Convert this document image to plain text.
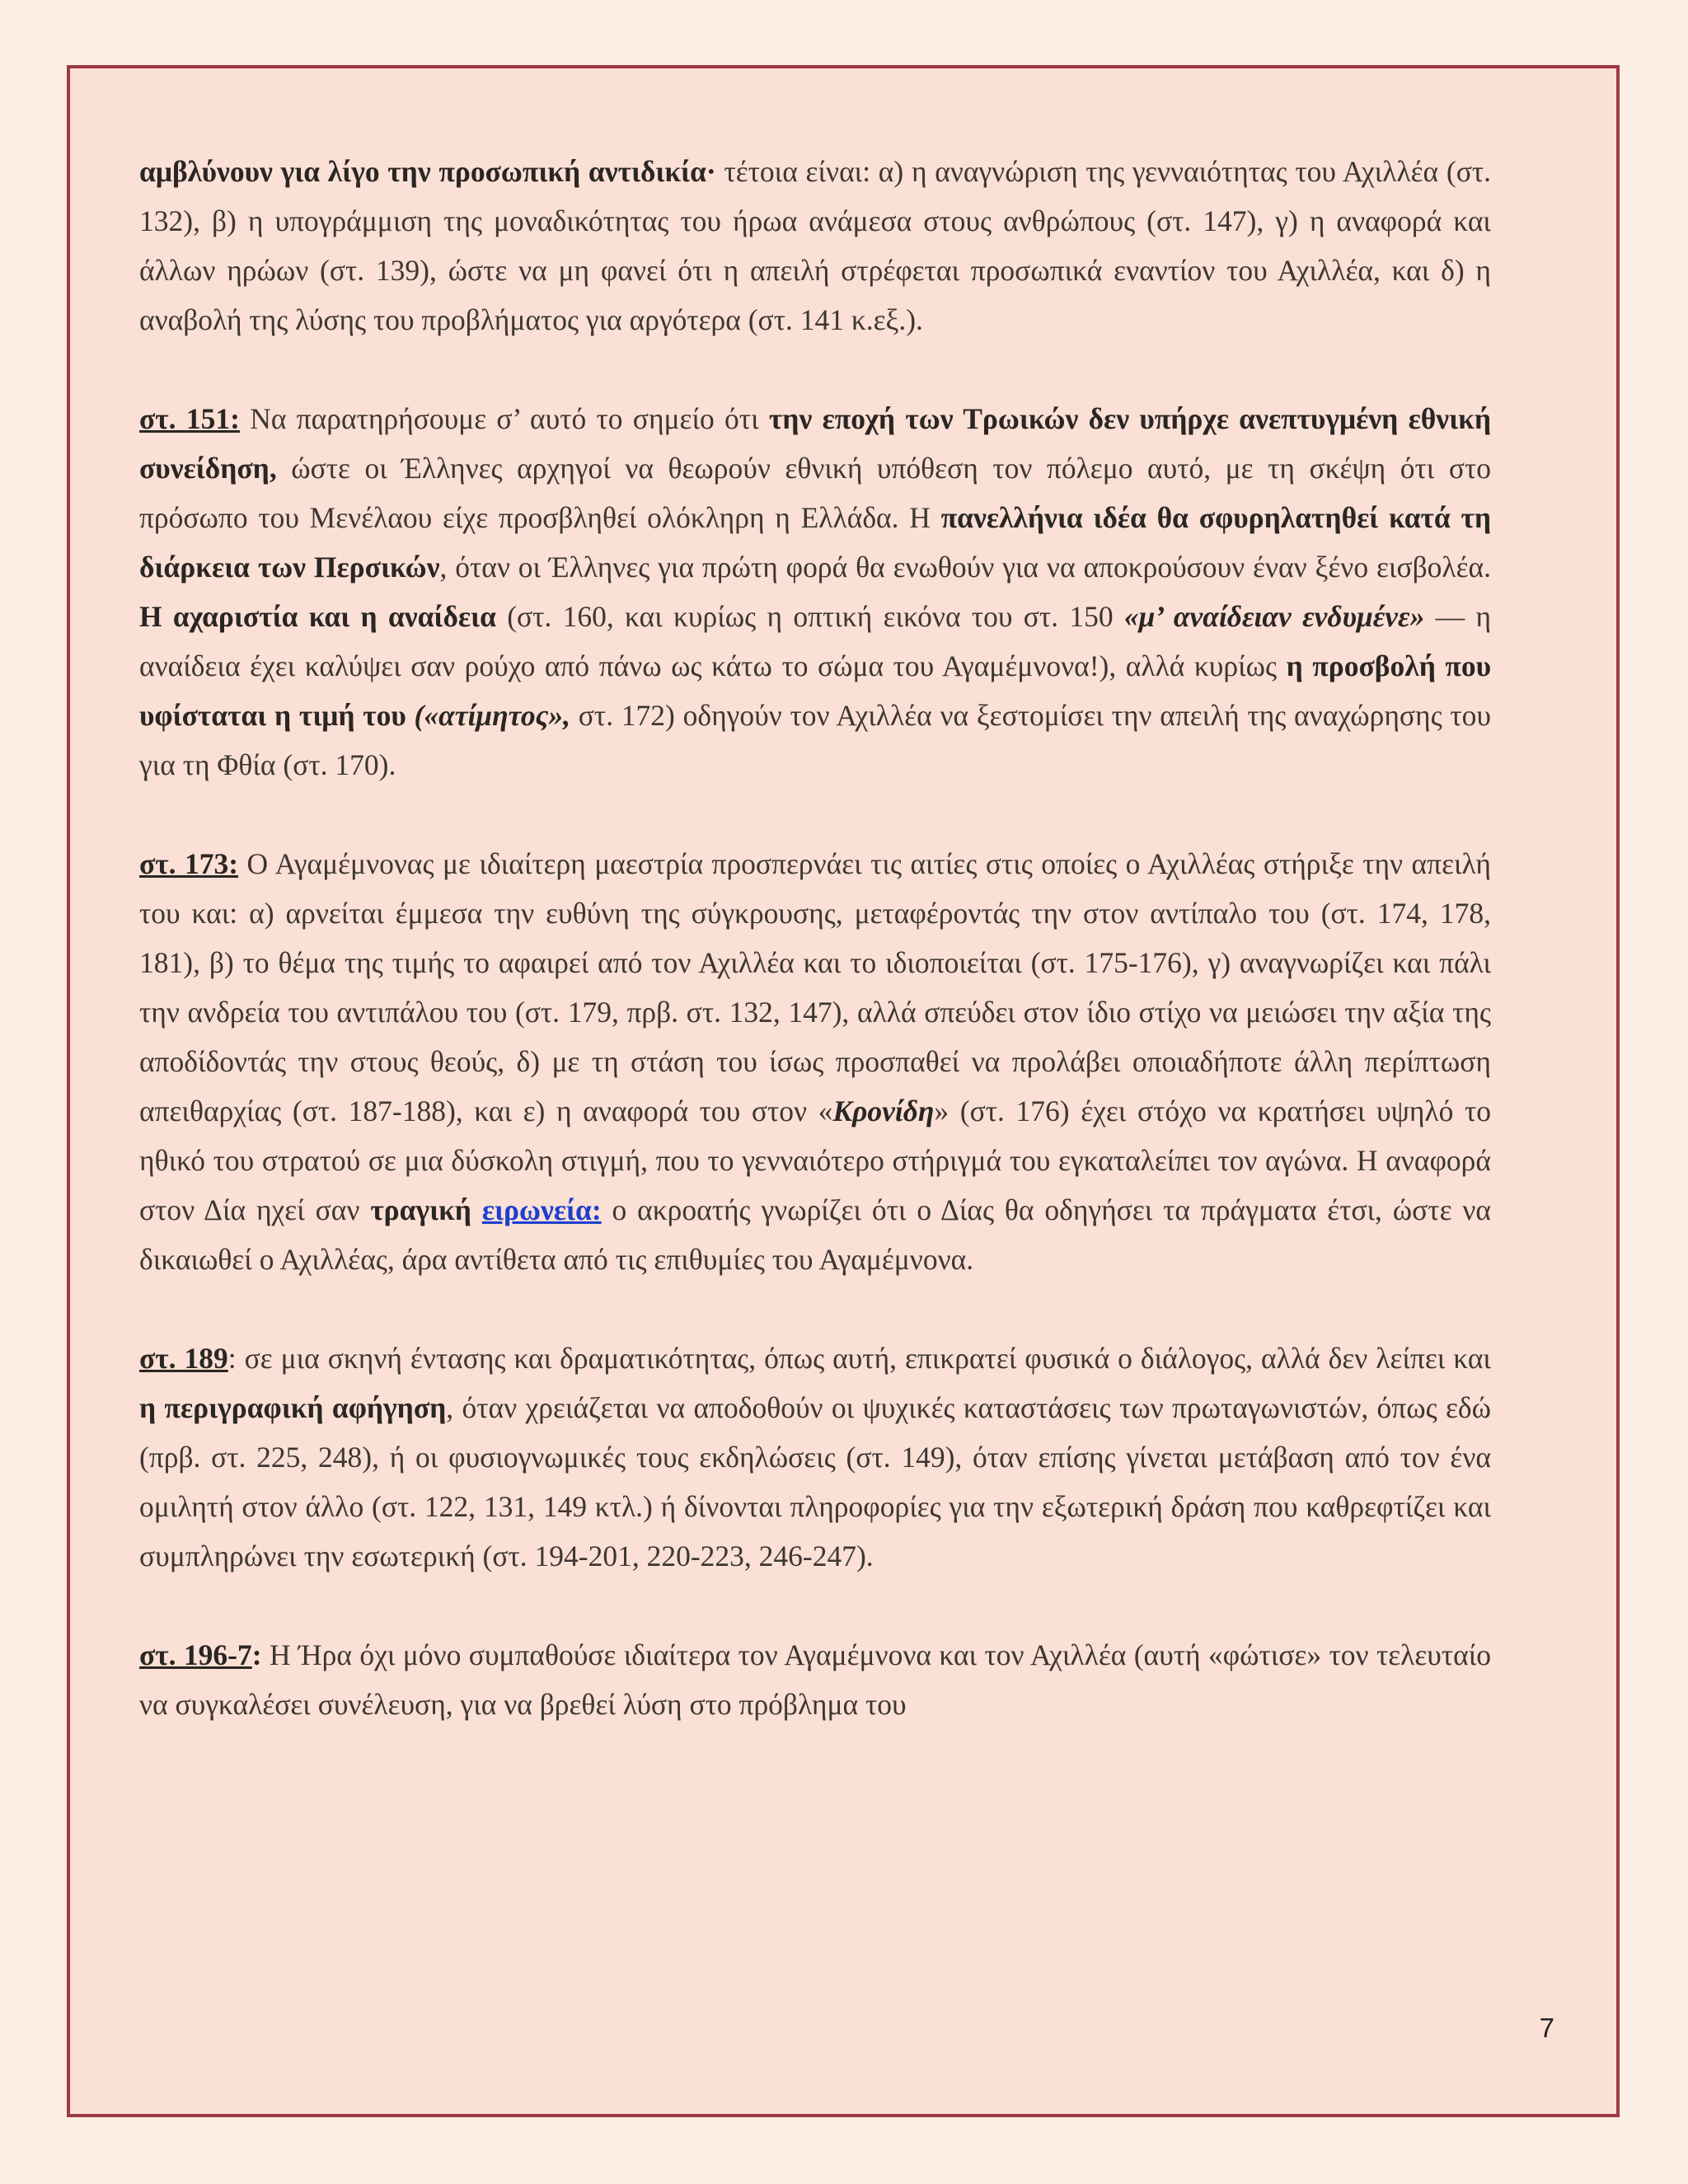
αμβλύνουν για λίγο την προσωπική αντιδικία· τέτοια είναι: α) η αναγνώριση της γενναιότητας του Αχιλλέα (στ. 132), β) η υπογράμμιση της μοναδικότητας του ήρωα ανάμεσα στους ανθρώπους (στ. 147), γ) η αναφορά και άλλων ηρώων (στ. 139), ώστε να μη φανεί ότι η απειλή στρέφεται προσωπικά εναντίον του Αχιλλέα, και δ) η αναβολή της λύσης του προβλήματος για αργότερα (στ. 141 κ.εξ.).

στ. 151: Να παρατηρήσουμε σ’ αυτό το σημείο ότι την εποχή των Τρωικών δεν υπήρχε ανεπτυγμένη εθνική συνείδηση, ώστε οι Έλληνες αρχηγοί να θεωρούν εθνική υπόθεση τον πόλεμο αυτό, με τη σκέψη ότι στο πρόσωπο του Μενέλαου είχε προσβληθεί ολόκληρη η Ελλάδα. Η πανελλήνια ιδέα θα σφυρηλατηθεί κατά τη διάρκεια των Περσικών, όταν οι Έλληνες για πρώτη φορά θα ενωθούν για να αποκρούσουν έναν ξένο εισβολέα. Η αχαριστία και η αναίδεια (στ. 160, και κυρίως η οπτική εικόνα του στ. 150 «μ’ αναίδειαν ενδυμένε» — η αναίδεια έχει καλύψει σαν ρούχο από πάνω ως κάτω το σώμα του Αγαμέμνονα!), αλλά κυρίως η προσβολή που υφίσταται η τιμή του («ατίμητος», στ. 172) οδηγούν τον Αχιλλέα να ξεστομίσει την απειλή της αναχώρησης του για τη Φθία (στ. 170).

στ. 173: Ο Αγαμέμνονας με ιδιαίτερη μαεστρία προσπερνάει τις αιτίες στις οποίες ο Αχιλλέας στήριξε την απειλή του και: α) αρνείται έμμεσα την ευθύνη της σύγκρουσης, μεταφέροντάς την στον αντίπαλο του (στ. 174, 178, 181), β) το θέμα της τιμής το αφαιρεί από τον Αχιλλέα και το ιδιοποιείται (στ. 175-176), γ) αναγνωρίζει και πάλι την ανδρεία του αντιπάλου του (στ. 179, πρβ. στ. 132, 147), αλλά σπεύδει στον ίδιο στίχο να μειώσει την αξία της αποδίδοντάς την στους θεούς, δ) με τη στάση του ίσως προσπαθεί να προλάβει οποιαδήποτε άλλη περίπτωση απειθαρχίας (στ. 187-188), και ε) η αναφορά του στον «Κρονίδη» (στ. 176) έχει στόχο να κρατήσει υψηλό το ηθικό του στρατού σε μια δύσκολη στιγμή, που το γενναιότερο στήριγμά του εγκαταλείπει τον αγώνα. Η αναφορά στον Δία ηχεί σαν τραγική ειρωνεία: ο ακροατής γνωρίζει ότι ο Δίας θα οδηγήσει τα πράγματα έτσι, ώστε να δικαιωθεί ο Αχιλλέας, άρα αντίθετα από τις επιθυμίες του Αγαμέμνονα.

στ. 189: σε μια σκηνή έντασης και δραματικότητας, όπως αυτή, επικρατεί φυσικά ο διάλογος, αλλά δεν λείπει και η περιγραφική αφήγηση, όταν χρειάζεται να αποδοθούν οι ψυχικές καταστάσεις των πρωταγωνιστών, όπως εδώ (πρβ. στ. 225, 248), ή οι φυσιογνωμικές τους εκδηλώσεις (στ. 149), όταν επίσης γίνεται μετάβαση από τον ένα ομιλητή στον άλλο (στ. 122, 131, 149 κτλ.) ή δίνονται πληροφορίες για την εξωτερική δράση που καθρεφτίζει και συμπληρώνει την εσωτερική (στ. 194-201, 220-223, 246-247).

στ. 196-7: Η Ήρα όχι μόνο συμπαθούσε ιδιαίτερα τον Αγαμέμνονα και τον Αχιλλέα (αυτή «φώτισε» τον τελευταίο να συγκαλέσει συνέλευση, για να βρεθεί λύση στο πρόβλημα του

7
